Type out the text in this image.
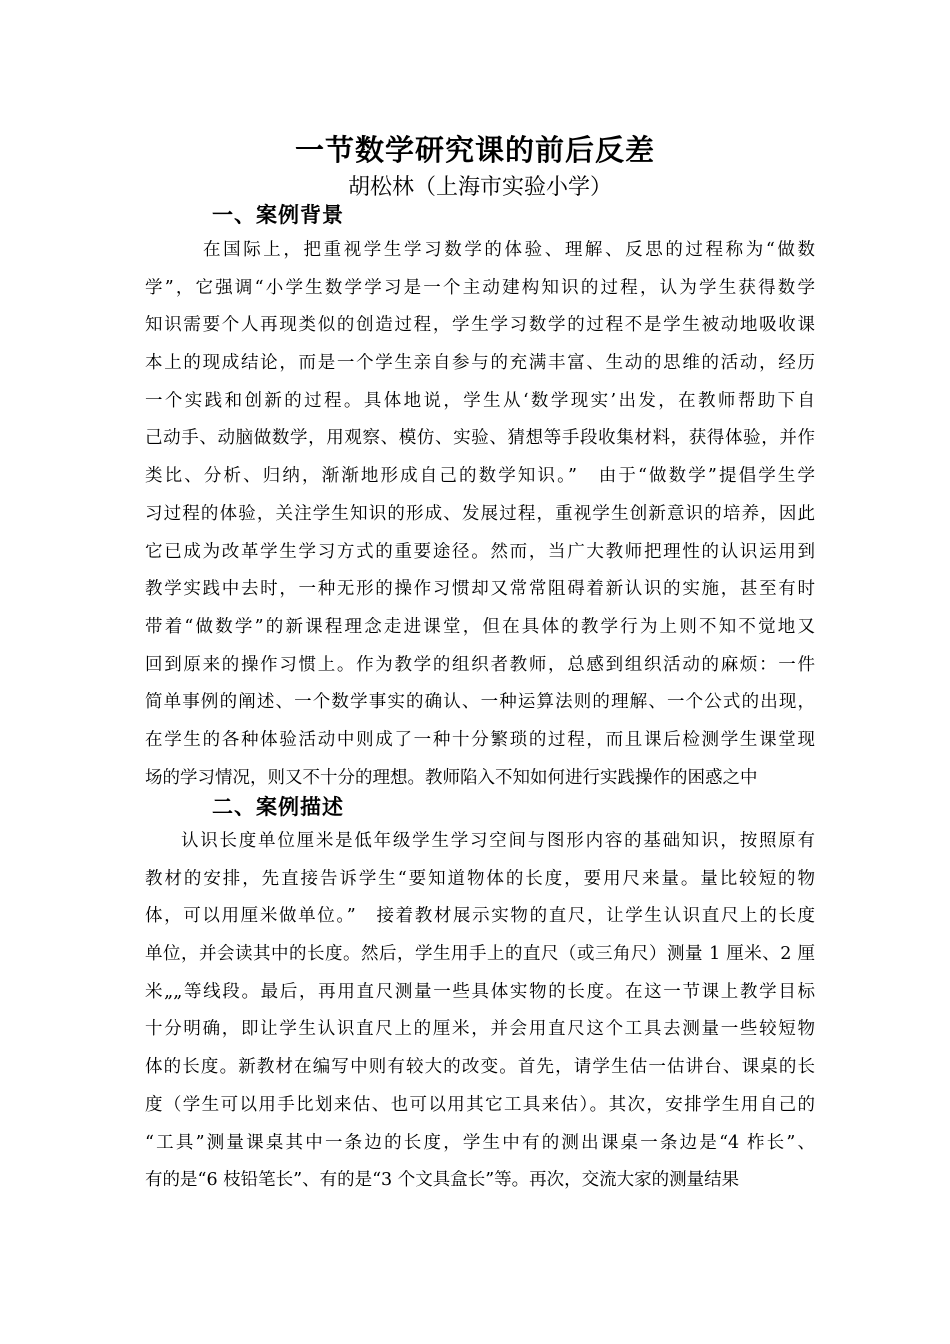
一节数学研究课的前后反差
胡松林（上海市实验小学）
一、案例背景
在国际上，把重视学生学习数学的体验、理解、反思的过程称为“做数
学”，它强调“小学生数学学习是一个主动建构知识的过程，认为学生获得数学
知识需要个人再现类似的创造过程，学生学习数学的过程不是学生被动地吸收课
本上的现成结论，而是一个学生亲自参与的充满丰富、生动的思维的活动，经历
一个实践和创新的过程。具体地说，学生从‘数学现实’出发，在教师帮助下自
己动手、动脑做数学，用观察、模仿、实验、猜想等手段收集材料，获得体验，并作
类比、分析、归纳，渐渐地形成自己的数学知识。”　由于“做数学”提倡学生学
习过程的体验，关注学生知识的形成、发展过程，重视学生创新意识的培养，因此
它已成为改革学生学习方式的重要途径。然而，当广大教师把理性的认识运用到
教学实践中去时，一种无形的操作习惯却又常常阻碍着新认识的实施，甚至有时
带着“做数学”的新课程理念走进课堂，但在具体的教学行为上则不知不觉地又
回到原来的操作习惯上。作为教学的组织者教师，总感到组织活动的麻烦：一件
简单事例的阐述、一个数学事实的确认、一种运算法则的理解、一个公式的出现，
在学生的各种体验活动中则成了一种十分繁琐的过程，而且课后检测学生课堂现
场的学习情况，则又不十分的理想。教师陷入不知如何进行实践操作的困惑之中
二、案例描述
认识长度单位厘米是低年级学生学习空间与图形内容的基础知识，按照原有
教材的安排，先直接告诉学生“要知道物体的长度，要用尺来量。量比较短的物
体，可以用厘米做单位。”　接着教材展示实物的直尺，让学生认识直尺上的长度
单位，并会读其中的长度。然后，学生用手上的直尺（或三角尺）测量 1 厘米、2 厘
米„„等线段。最后，再用直尺测量一些具体实物的长度。在这一节课上教学目标
十分明确，即让学生认识直尺上的厘米，并会用直尺这个工具去测量一些较短物
体的长度。新教材在编写中则有较大的改变。首先，请学生估一估讲台、课桌的长
度（学生可以用手比划来估、也可以用其它工具来估）。其次，安排学生用自己的
“工具”测量课桌其中一条边的长度，学生中有的测出课桌一条边是“4 柞长”、
有的是“6 枝铅笔长”、有的是“3 个文具盒长”等。再次，交流大家的测量结果
